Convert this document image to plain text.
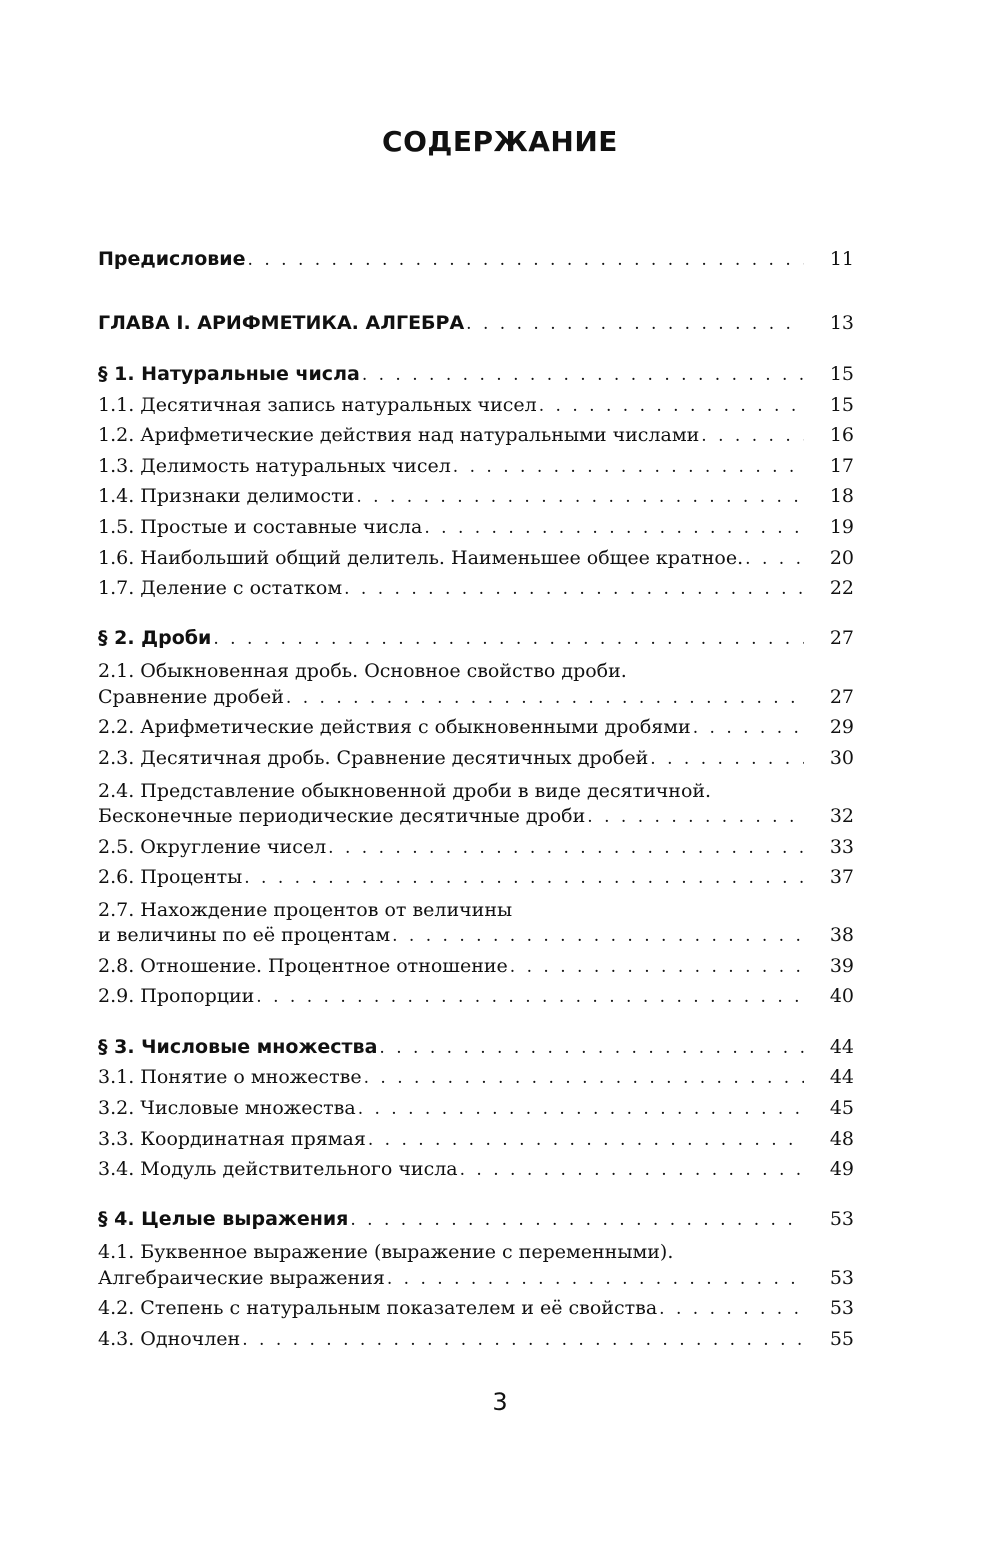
СОДЕРЖАНИЕ
Предисловие . . .	11
ГЛАВА I. АРИФМЕТИКА. АЛГЕБРА . . .	13
§ 1. Натуральные числа . . .	15
1.1. Десятичная запись натуральных чисел . . .	15
1.2. Арифметические действия над натуральными числами . . .	16
1.3. Делимость натуральных чисел . . .	17
1.4. Признаки делимости . . .	18
1.5. Простые и составные числа . . .	19
1.6. Наибольший общий делитель. Наименьшее общее кратное. . . .	20
1.7. Деление с остатком . . .	22
§ 2. Дроби . . .	27
2.1. Обыкновенная дробь. Основное свойство дроби.
Сравнение дробей . . .	27
2.2. Арифметические действия с обыкновенными дробями . . .	29
2.3. Десятичная дробь. Сравнение десятичных дробей . . .	30
2.4. Представление обыкновенной дроби в виде десятичной.
Бесконечные периодические десятичные дроби . . .	32
2.5. Округление чисел . . .	33
2.6. Проценты . . .	37
2.7. Нахождение процентов от величины
и величины по её процентам . . .	38
2.8. Отношение. Процентное отношение . . .	39
2.9. Пропорции . . .	40
§ 3. Числовые множества . . .	44
3.1. Понятие о множестве . . .	44
3.2. Числовые множества . . .	45
3.3. Координатная прямая . . .	48
3.4. Модуль действительного числа . . .	49
§ 4. Целые выражения . . .	53
4.1. Буквенное выражение (выражение с переменными).
Алгебраические выражения . . .	53
4.2. Степень с натуральным показателем и её свойства . . .	53
4.3. Одночлен . . .	55
3
